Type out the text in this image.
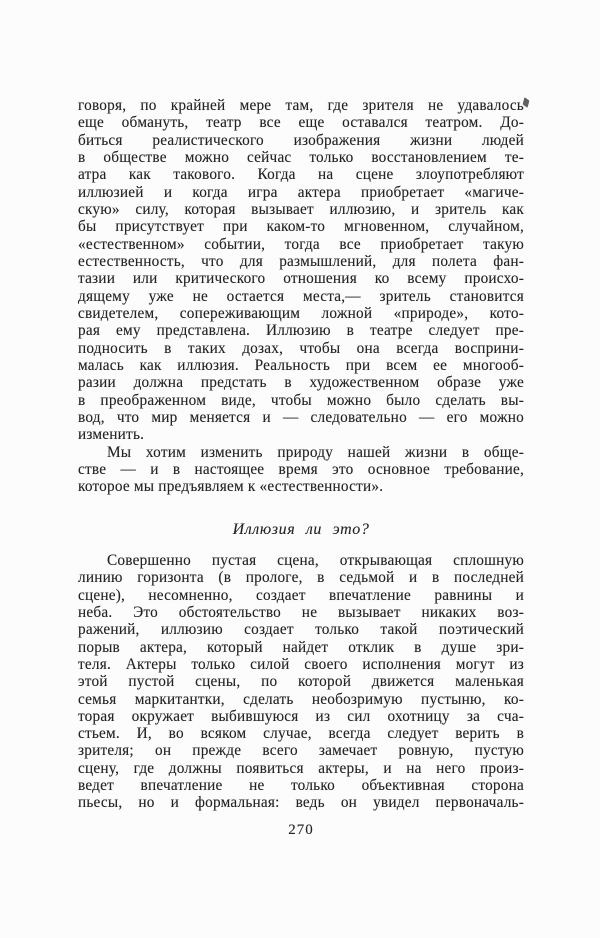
говоря, по крайней мере там, где зрителя не удавалось
еще обмануть, театр все еще оставался театром. До-
биться реалистического изображения жизни людей
в обществе можно сейчас только восстановлением те-
атра как такового. Когда на сцене злоупотребляют
иллюзией и когда игра актера приобретает «магиче-
скую» силу, которая вызывает иллюзию, и зритель как
бы присутствует при каком-то мгновенном, случайном,
«естественном» событии, тогда все приобретает такую
естественность, что для размышлений, для полета фан-
тазии или критического отношения ко всему происхо-
дящему уже не остается места,— зритель становится
свидетелем, сопереживающим ложной «природе», кото-
рая ему представлена. Иллюзию в театре следует пре-
подносить в таких дозах, чтобы она всегда восприни-
малась как иллюзия. Реальность при всем ее многооб-
разии должна предстать в художественном образе уже
в преображенном виде, чтобы можно было сделать вы-
вод, что мир меняется и — следовательно — его можно
изменить.
Мы хотим изменить природу нашей жизни в обще-
стве — и в настоящее время это основное требование,
которое мы предъявляем к «естественности».
Иллюзия ли это?
Совершенно пустая сцена, открывающая сплошную
линию горизонта (в прологе, в седьмой и в последней
сцене), несомненно, создает впечатление равнины и
неба. Это обстоятельство не вызывает никаких воз-
ражений, иллюзию создает только такой поэтический
порыв актера, который найдет отклик в душе зри-
теля. Актеры только силой своего исполнения могут из
этой пустой сцены, по которой движется маленькая
семья маркитантки, сделать необозримую пустыню, ко-
торая окружает выбившуюся из сил охотницу за сча-
стьем. И, во всяком случае, всегда следует верить в
зрителя; он прежде всего замечает ровную, пустую
сцену, где должны появиться актеры, и на него произ-
ведет впечатление не только объективная сторона
пьесы, но и формальная: ведь он увидел первоначаль-
270
